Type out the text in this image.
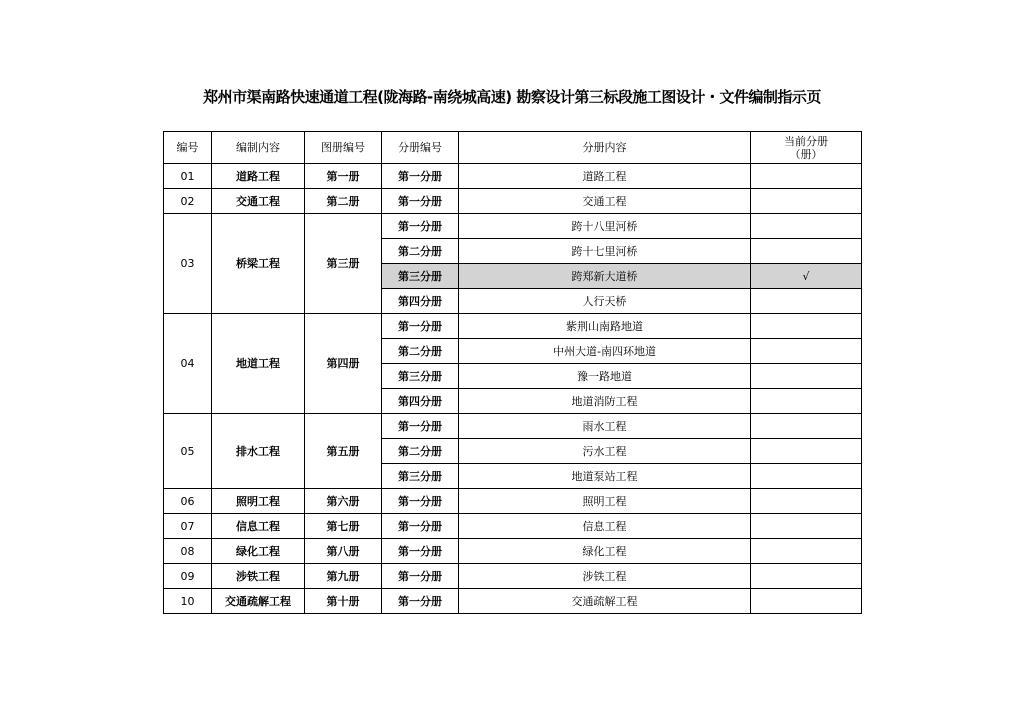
郑州市渠南路快速通道工程(陇海路-南绕城高速) 勘察设计第三标段施工图设计・文件编制指示页
编号	编制内容	图册编号	分册编号	分册内容	当前分册
（册）
01	道路工程	第一册	第一分册	道路工程	
02	交通工程	第二册	第一分册	交通工程	
03	桥梁工程	第三册	第一分册	跨十八里河桥	
			第二分册	跨十七里河桥	
			第三分册	跨郑新大道桥	√
			第四分册	人行天桥	
04	地道工程	第四册	第一分册	紫荆山南路地道	
			第二分册	中州大道-南四环地道	
			第三分册	豫一路地道	
			第四分册	地道消防工程	
05	排水工程	第五册	第一分册	雨水工程	
			第二分册	污水工程	
			第三分册	地道泵站工程	
06	照明工程	第六册	第一分册	照明工程	
07	信息工程	第七册	第一分册	信息工程	
08	绿化工程	第八册	第一分册	绿化工程	
09	涉铁工程	第九册	第一分册	涉铁工程	
10	交通疏解工程	第十册	第一分册	交通疏解工程	
